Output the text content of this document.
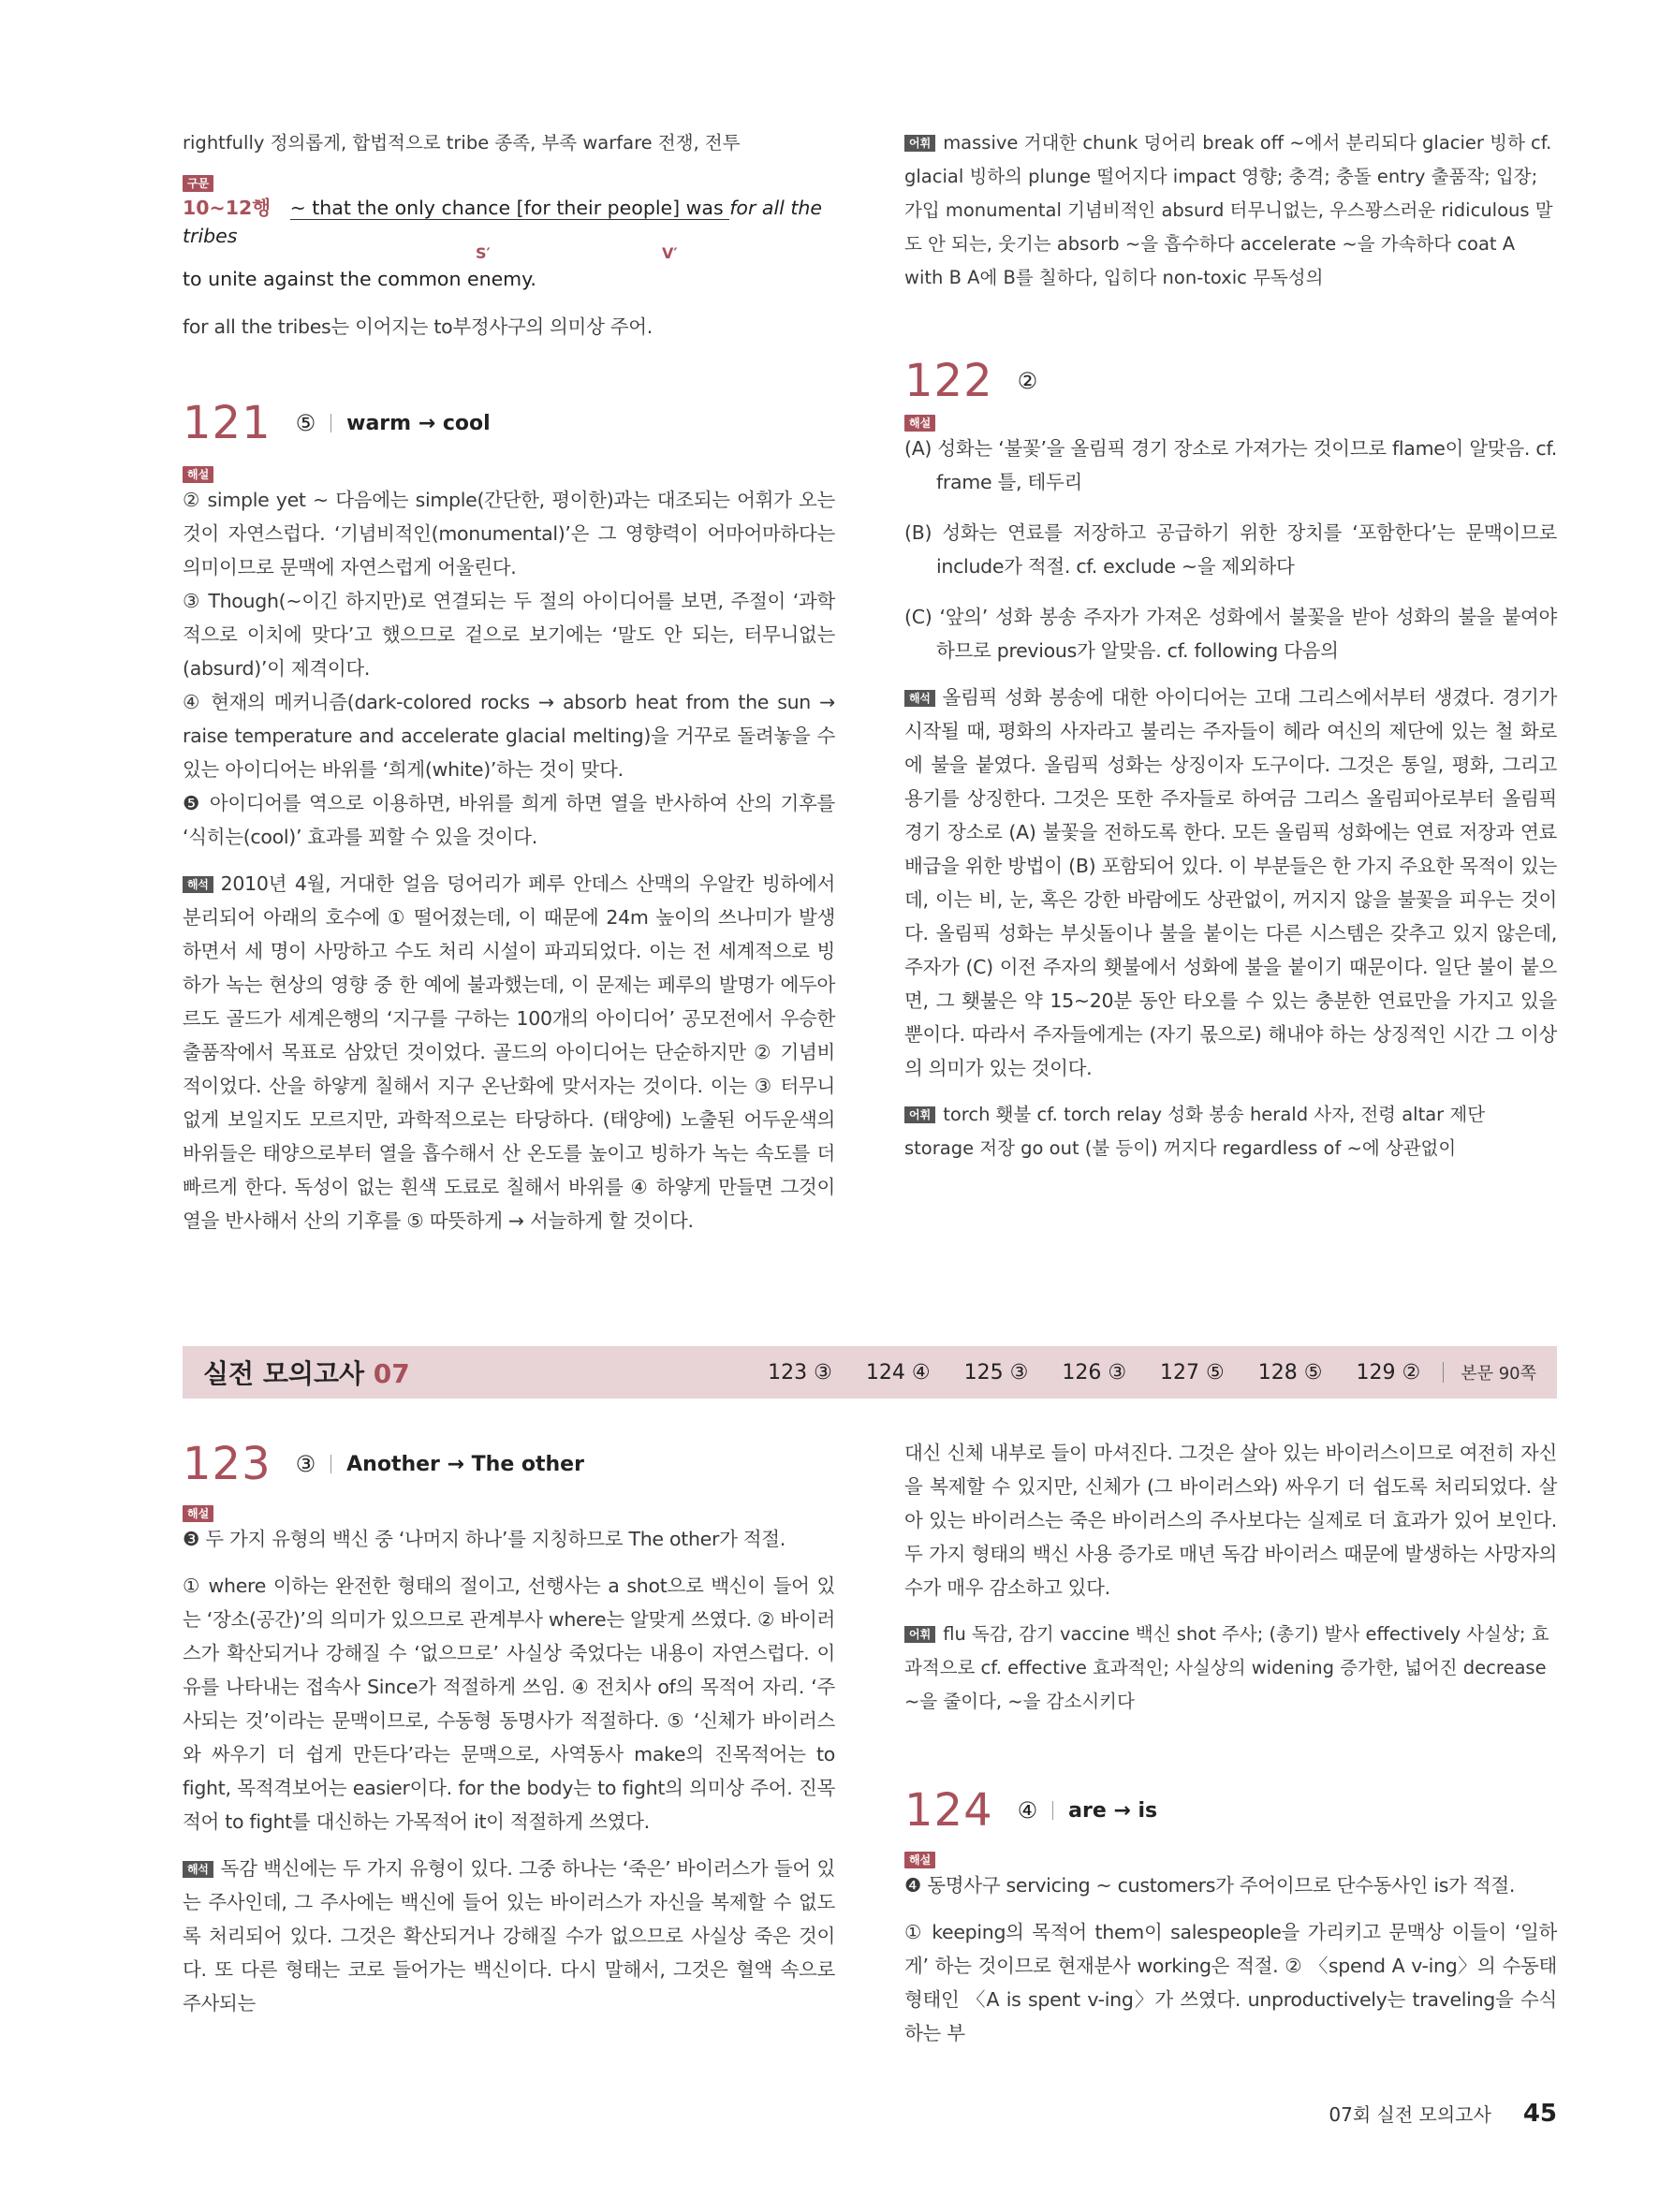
rightfully 정의롭게, 합법적으로 tribe 종족, 부족 warfare 전쟁, 전투
구문
10~12행 ~ that the only chance [for their people] was for all the tribes
S′	V′
to unite against the common enemy.
for all the tribes는 이어지는 to부정사구의 의미상 주어.
121 ⑤ warm → cool
해설
② simple yet ~ 다음에는 simple(간단한, 평이한)과는 대조되는 어휘가 오는 것이 자연스럽다. ‘기념비적인(monumental)’은 그 영향력이 어마어마하다는 의미이므로 문맥에 자연스럽게 어울린다.
③ Though(~이긴 하지만)로 연결되는 두 절의 아이디어를 보면, 주절이 ‘과학적으로 이치에 맞다’고 했으므로 겉으로 보기에는 ‘말도 안 되는, 터무니없는(absurd)’이 제격이다.
④ 현재의 메커니즘(dark-colored rocks → absorb heat from the sun → raise temperature and accelerate glacial melting)을 거꾸로 돌려놓을 수 있는 아이디어는 바위를 ‘희게(white)’하는 것이 맞다.
❺ 아이디어를 역으로 이용하면, 바위를 희게 하면 열을 반사하여 산의 기후를 ‘식히는(cool)’ 효과를 꾀할 수 있을 것이다.
해석 2010년 4월, 거대한 얼음 덩어리가 페루 안데스 산맥의 우알칸 빙하에서 분리되어 아래의 호수에 ① 떨어졌는데, 이 때문에 24m 높이의 쓰나미가 발생하면서 세 명이 사망하고 수도 처리 시설이 파괴되었다. 이는 전 세계적으로 빙하가 녹는 현상의 영향 중 한 예에 불과했는데, 이 문제는 페루의 발명가 에두아르도 골드가 세계은행의 ‘지구를 구하는 100개의 아이디어’ 공모전에서 우승한 출품작에서 목표로 삼았던 것이었다. 골드의 아이디어는 단순하지만 ② 기념비적이었다. 산을 하얗게 칠해서 지구 온난화에 맞서자는 것이다. 이는 ③ 터무니없게 보일지도 모르지만, 과학적으로는 타당하다. (태양에) 노출된 어두운색의 바위들은 태양으로부터 열을 흡수해서 산 온도를 높이고 빙하가 녹는 속도를 더 빠르게 한다. 독성이 없는 흰색 도료로 칠해서 바위를 ④ 하얗게 만들면 그것이 열을 반사해서 산의 기후를 ⑤ 따뜻하게 → 서늘하게 할 것이다.
어휘 massive 거대한 chunk 덩어리 break off ~에서 분리되다 glacier 빙하 cf. glacial 빙하의 plunge 떨어지다 impact 영향; 충격; 충돌 entry 출품작; 입장; 가입 monumental 기념비적인 absurd 터무니없는, 우스꽝스러운 ridiculous 말도 안 되는, 웃기는 absorb ~을 흡수하다 accelerate ~을 가속하다 coat A with B A에 B를 칠하다, 입히다 non-toxic 무독성의
122 ②
해설
(A) 성화는 ‘불꽃’을 올림픽 경기 장소로 가져가는 것이므로 flame이 알맞음. cf. frame 틀, 테두리
(B) 성화는 연료를 저장하고 공급하기 위한 장치를 ‘포함한다’는 문맥이므로 include가 적절. cf. exclude ~을 제외하다
(C) ‘앞의’ 성화 봉송 주자가 가져온 성화에서 불꽃을 받아 성화의 불을 붙여야 하므로 previous가 알맞음. cf. following 다음의
해석 올림픽 성화 봉송에 대한 아이디어는 고대 그리스에서부터 생겼다. 경기가 시작될 때, 평화의 사자라고 불리는 주자들이 헤라 여신의 제단에 있는 철 화로에 불을 붙였다. 올림픽 성화는 상징이자 도구이다. 그것은 통일, 평화, 그리고 용기를 상징한다. 그것은 또한 주자들로 하여금 그리스 올림피아로부터 올림픽 경기 장소로 (A) 불꽃을 전하도록 한다. 모든 올림픽 성화에는 연료 저장과 연료 배급을 위한 방법이 (B) 포함되어 있다. 이 부분들은 한 가지 주요한 목적이 있는데, 이는 비, 눈, 혹은 강한 바람에도 상관없이, 꺼지지 않을 불꽃을 피우는 것이다. 올림픽 성화는 부싯돌이나 불을 붙이는 다른 시스템은 갖추고 있지 않은데, 주자가 (C) 이전 주자의 횃불에서 성화에 불을 붙이기 때문이다. 일단 불이 붙으면, 그 횃불은 약 15~20분 동안 타오를 수 있는 충분한 연료만을 가지고 있을 뿐이다. 따라서 주자들에게는 (자기 몫으로) 해내야 하는 상징적인 시간 그 이상의 의미가 있는 것이다.
어휘 torch 횃불 cf. torch relay 성화 봉송 herald 사자, 전령 altar 제단 storage 저장 go out (불 등이) 꺼지다 regardless of ~에 상관없이
실전 모의고사 07	123 ③ 124 ④ 125 ③ 126 ③ 127 ⑤ 128 ⑤ 129 ② 본문 90쪽
123 ③ Another → The other
해설
❸ 두 가지 유형의 백신 중 ‘나머지 하나’를 지칭하므로 The other가 적절.
① where 이하는 완전한 형태의 절이고, 선행사는 a shot으로 백신이 들어 있는 ‘장소(공간)’의 의미가 있으므로 관계부사 where는 알맞게 쓰였다. ② 바이러스가 확산되거나 강해질 수 ‘없으므로’ 사실상 죽었다는 내용이 자연스럽다. 이유를 나타내는 접속사 Since가 적절하게 쓰임. ④ 전치사 of의 목적어 자리. ‘주사되는 것’이라는 문맥이므로, 수동형 동명사가 적절하다. ⑤ ‘신체가 바이러스와 싸우기 더 쉽게 만든다’라는 문맥으로, 사역동사 make의 진목적어는 to fight, 목적격보어는 easier이다. for the body는 to fight의 의미상 주어. 진목적어 to fight를 대신하는 가목적어 it이 적절하게 쓰였다.
해석 독감 백신에는 두 가지 유형이 있다. 그중 하나는 ‘죽은’ 바이러스가 들어 있는 주사인데, 그 주사에는 백신에 들어 있는 바이러스가 자신을 복제할 수 없도록 처리되어 있다. 그것은 확산되거나 강해질 수가 없으므로 사실상 죽은 것이다. 또 다른 형태는 코로 들어가는 백신이다. 다시 말해서, 그것은 혈액 속으로 주사되는
대신 신체 내부로 들이 마셔진다. 그것은 살아 있는 바이러스이므로 여전히 자신을 복제할 수 있지만, 신체가 (그 바이러스와) 싸우기 더 쉽도록 처리되었다. 살아 있는 바이러스는 죽은 바이러스의 주사보다는 실제로 더 효과가 있어 보인다. 두 가지 형태의 백신 사용 증가로 매년 독감 바이러스 때문에 발생하는 사망자의 수가 매우 감소하고 있다.
어휘 flu 독감, 감기 vaccine 백신 shot 주사; (총기) 발사 effectively 사실상; 효과적으로 cf. effective 효과적인; 사실상의 widening 증가한, 넓어진 decrease ~을 줄이다, ~을 감소시키다
124 ④ are → is
해설
❹ 동명사구 servicing ~ customers가 주어이므로 단수동사인 is가 적절.
① keeping의 목적어 them이 salespeople을 가리키고 문맥상 이들이 ‘일하게’ 하는 것이므로 현재분사 working은 적절. ② 〈spend A v-ing〉의 수동태 형태인 〈A is spent v-ing〉가 쓰였다. unproductively는 traveling을 수식하는 부
07회 실전 모의고사 45
